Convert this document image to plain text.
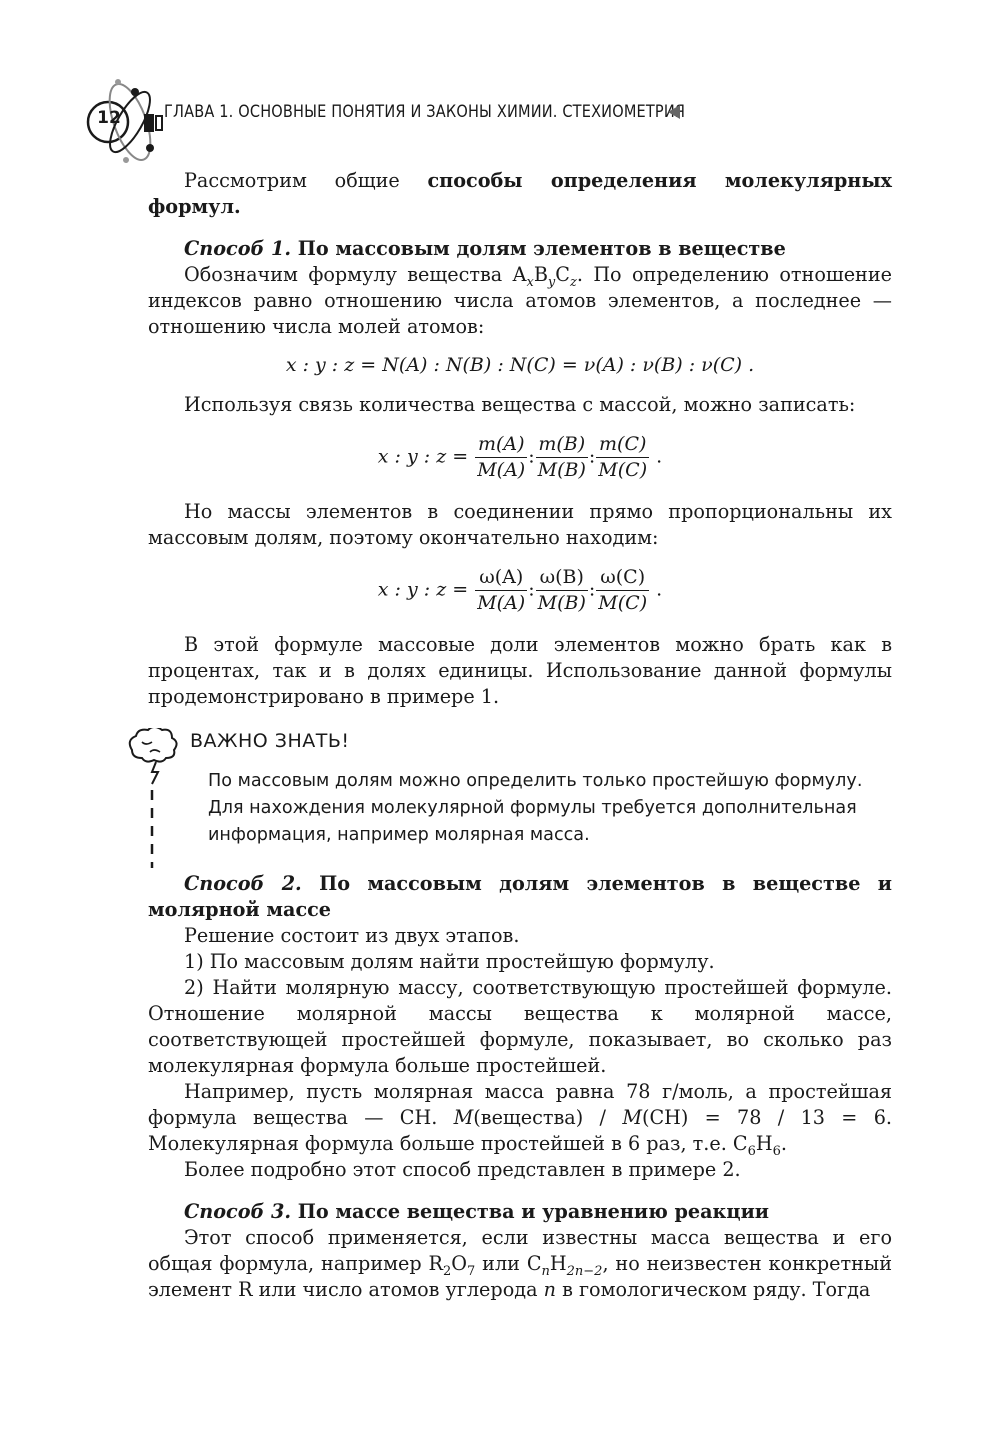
12	ГЛАВА 1. ОСНОВНЫЕ ПОНЯТИЯ И ЗАКОНЫ ХИМИИ. СТЕХИОМЕТРИЯ

Рассмотрим общие способы определения молекулярных формул.

Способ 1. По массовым долям элементов в веществе

Обозначим формулу вещества $A_xB_yC_z$. По определению отношение индексов равно отношению числа атомов элементов, а последнее — отношению числа молей атомов:

x : y : z = N(A) : N(B) : N(C) = ν(A) : ν(B) : ν(C) .

Используя связь количества вещества с массой, можно записать:

x : y : $z = \frac{m(A)}{M(A)}$ : $\frac{m(B)}{M(B)}$ : $\frac{m(C)}{M(C)}$ .

Но массы элементов в соединении прямо пропорциональны их массовым долям, поэтому окончательно находим:

x : y : $z = \frac{\omega(A)}{M(A)}$ : $\frac{\omega(B)}{M(B)}$ : $\frac{\omega(C)}{M(C)}$ .

В этой формуле массовые доли элементов можно брать как в процентах, так и в долях единицы. Использование данной формулы продемонстрировано в примере 1.

ВАЖНО ЗНАТЬ!
По массовым долям можно определить только простейшую формулу. Для нахождения молекулярной формулы требуется дополнительная информация, например молярная масса.

Способ 2. По массовым долям элементов в веществе и молярной массе

Решение состоит из двух этапов.

1) По массовым долям найти простейшую формулу.

2) Найти молярную массу, соответствующую простейшей формуле. Отношение молярной массы вещества к молярной массе, соответствующей простейшей формуле, показывает, во сколько раз молекулярная формула больше простейшей.

Например, пусть молярная масса равна 78 г/моль, а простейшая формула вещества — CH. M(вещества) / M(CH) = 78 / 13 = 6. Молекулярная формула больше простейшей в 6 раз, т.е. $C_6H_6$.

Более подробно этот способ представлен в примере 2.

Способ 3. По массе вещества и уравнению реакции

Этот способ применяется, если известны масса вещества и его общая формула, например $R_2O_7$ или $C_nH_{2n-2}$, но неизвестен конкретный элемент R или число атомов углерода n в гомологическом ряду. Тогда
